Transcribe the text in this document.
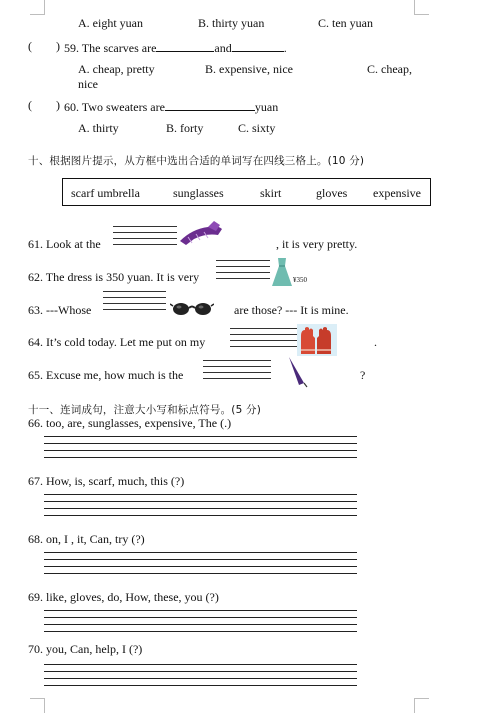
A. eight yuan	B. thirty yuan	C. ten yuan
( ) 59. The scarves are	and	.
A. cheap, pretty	B. expensive, nice	C. cheap,
nice
( ) 60. Two sweaters are	yuan
A. thirty	B. forty	C. sixty
十、根据图片提示，从方框中选出合适的单词写在四线三格上。(10 分)
scarf umbrella	sunglasses	skirt	gloves expensive
61. Look at the	, it is very pretty.
62. The dress is 350 yuan. It is very	¥350
63. ---Whose	are those? --- It is mine.
64. It’s cold today. Let me put on my	.
65. Excuse me, how much is the	?
十一、连词成句，注意大小写和标点符号。(5 分)
66. too, are, sunglasses, expensive, The (.)
67. How, is, scarf, much, this (?)
68. on, I , it, Can, try (?)
69. like, gloves, do, How, these, you (?)
70. you, Can, help, I (?)
